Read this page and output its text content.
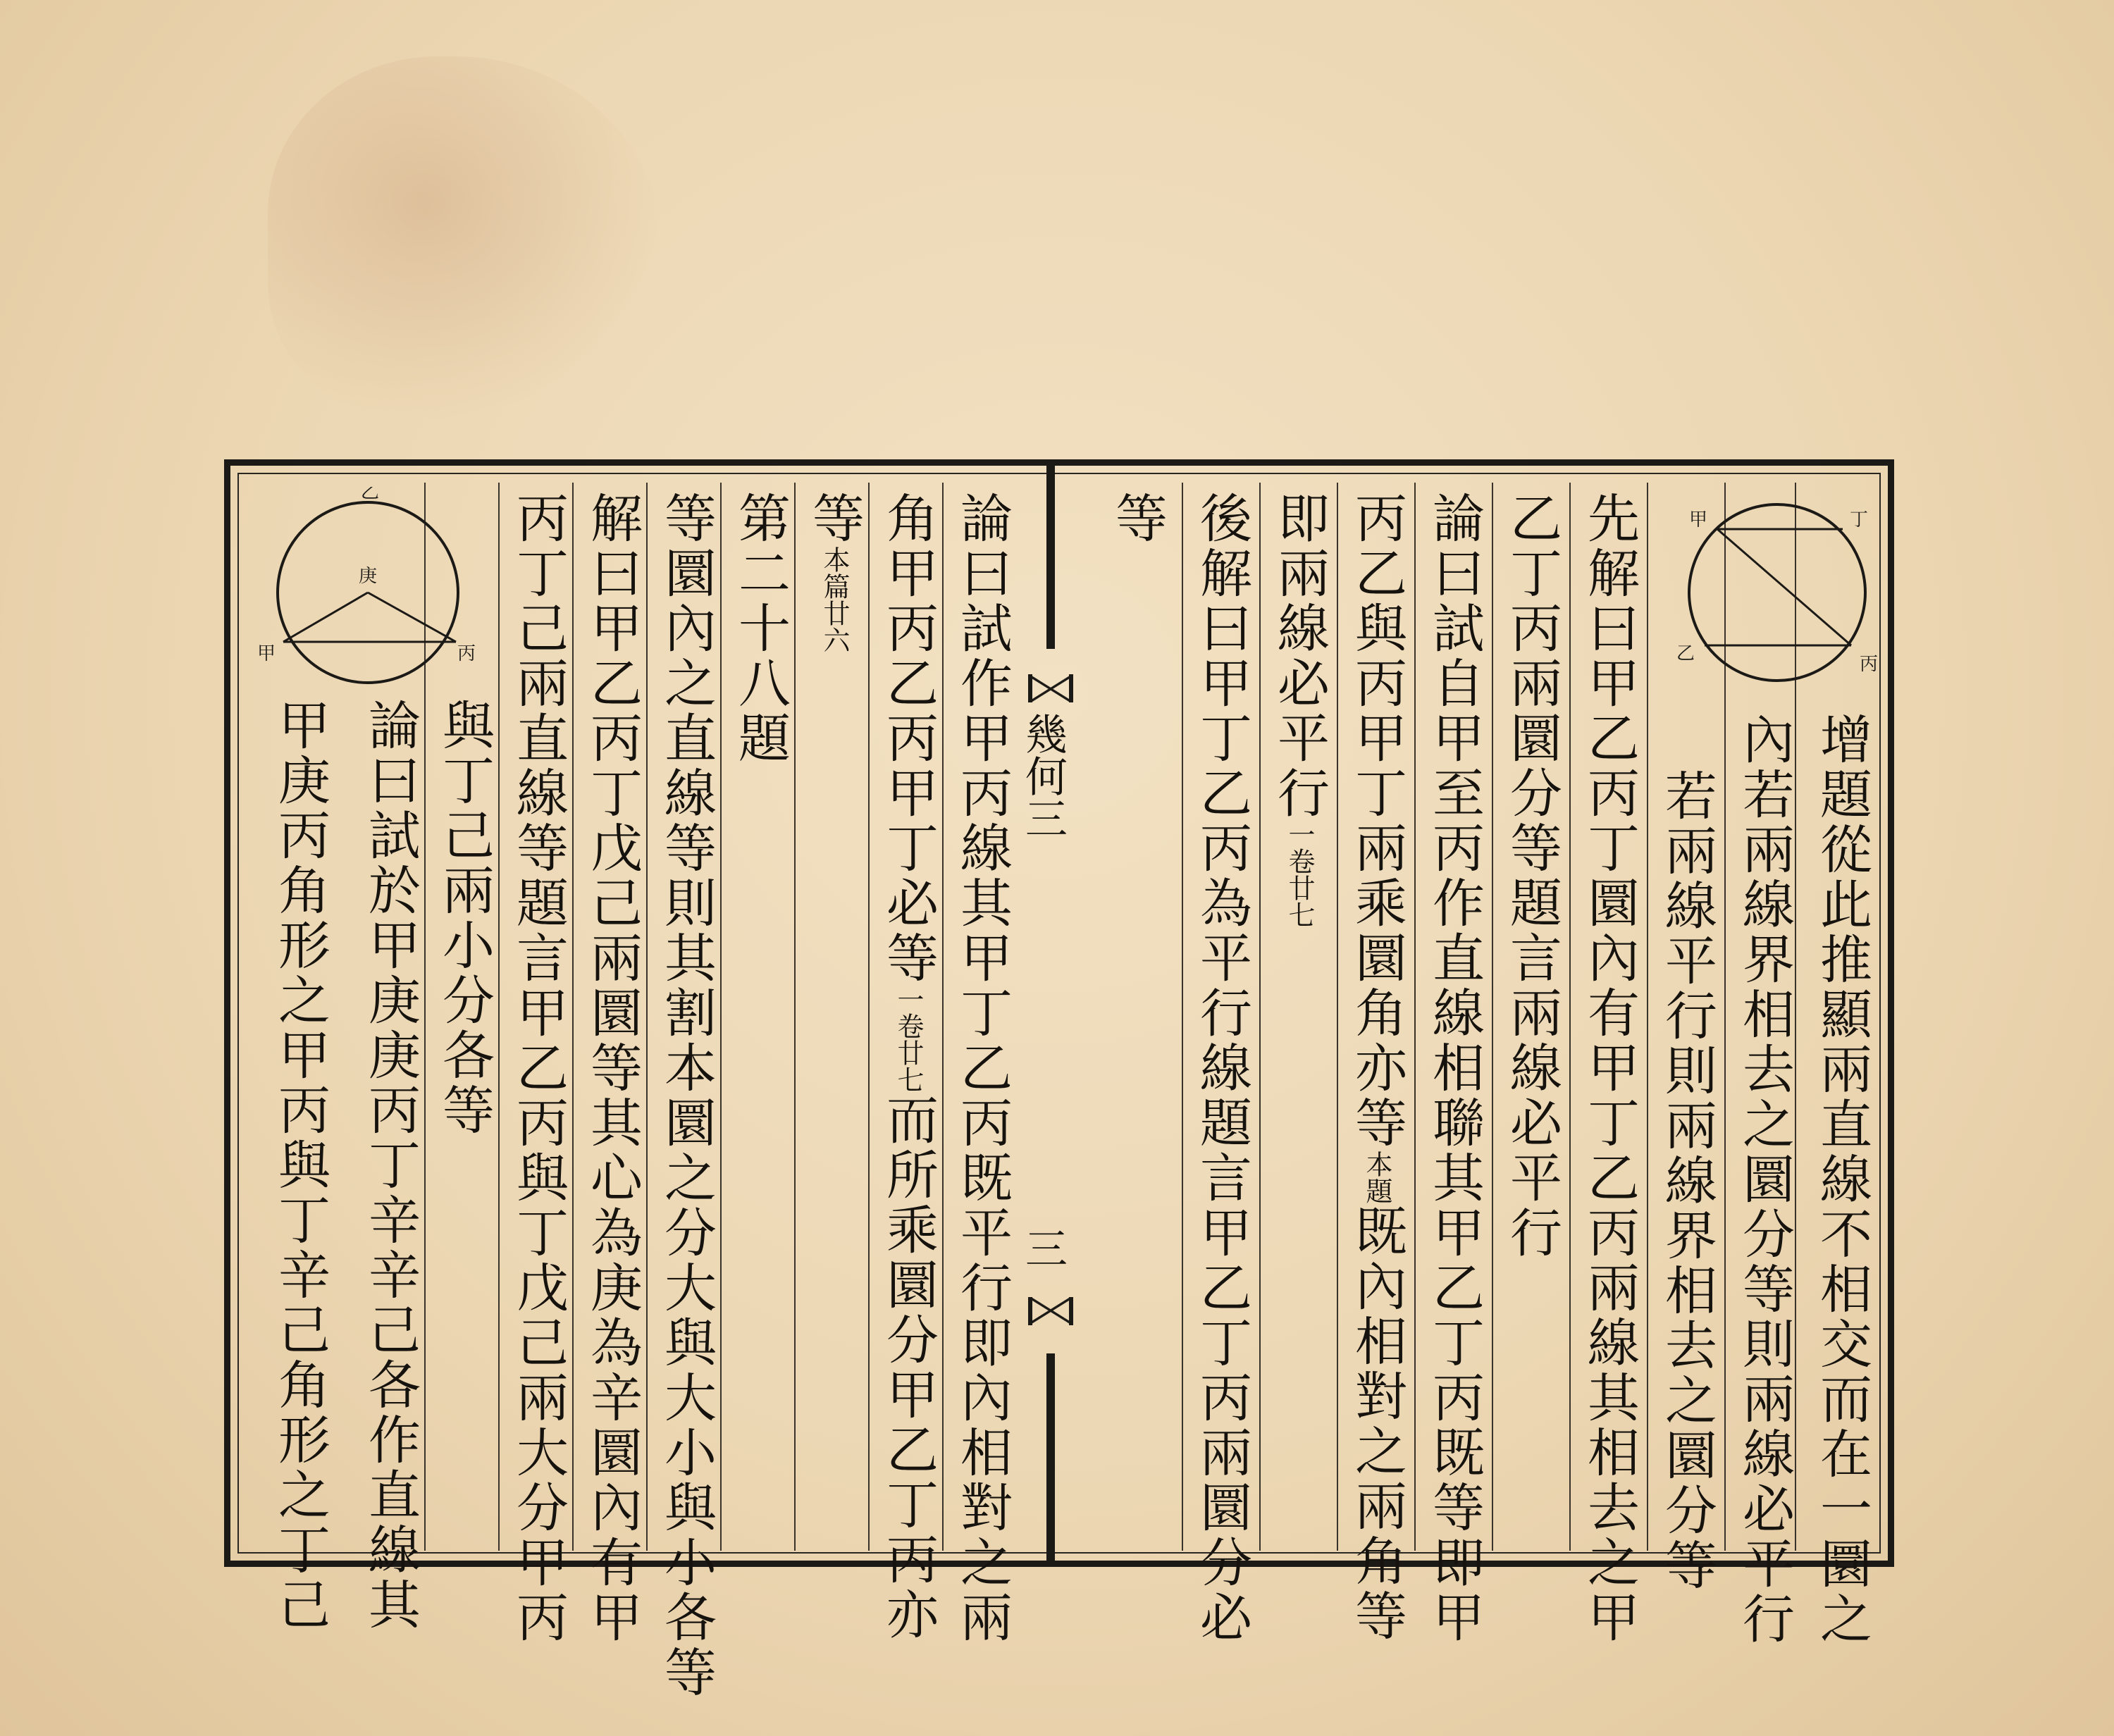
增題從此推顯兩直線不相交而在一圜之
內若兩線界相去之圜分等則兩線必平行
若兩線平行則兩線界相去之圜分等
先解曰甲乙丙丁圜內有甲丁乙丙兩線其相去之甲
乙丁丙兩圜分等題言兩線必平行
論曰試自甲至丙作直線相聯其甲乙丁丙既等即甲
丙乙與丙甲丁兩乘圜角亦等本題既內相對之兩角等
即兩線必平行一卷廿七
後解曰甲丁乙丙為平行線題言甲乙丁丙兩圜分必
等	甲	丁
乙	丙
幾何三
三
論曰試作甲丙線其甲丁乙丙既平行即內相對之兩
角甲丙乙丙甲丁必等一卷廿七而所乘圜分甲乙丁丙亦
等本篇廿六
第二十八題
等圜內之直線等則其割本圜之分大與大小與小各等
解曰甲乙丙丁戊己兩圜等其心為庚為辛圜內有甲
丙丁己兩直線等題言甲乙丙與丁戊己兩大分甲丙
與丁己兩小分各等
論曰試於甲庚庚丙丁辛辛己各作直線其
甲庚丙角形之甲丙與丁辛己角形之丁己
乙
庚
甲	丙
